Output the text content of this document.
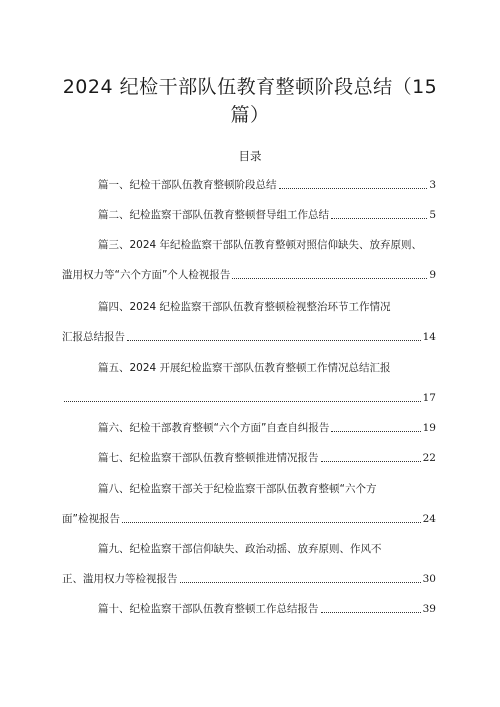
2024 纪检干部队伍教育整顿阶段总结（15
篇）
目录
篇一、纪检干部队伍教育整顿阶段总结	3
篇二、纪检监察干部队伍教育整顿督导组工作总结	5
篇三、2024 年纪检监察干部队伍教育整顿对照信仰缺失、放弃原则、
滥用权力等“六个方面”个人检视报告	9
篇四、2024 纪检监察干部队伍教育整顿检视整治环节工作情况
汇报总结报告	14
篇五、2024 开展纪检监察干部队伍教育整顿工作情况总结汇报
17
篇六、纪检干部教育整顿“六个方面”自查自纠报告	19
篇七、纪检监察干部队伍教育整顿推进情况报告	22
篇八、纪检监察干部关于纪检监察干部队伍教育整顿“六个方
面”检视报告	24
篇九、纪检监察干部信仰缺失、政治动摇、放弃原则、作风不
正、滥用权力等检视报告	30
篇十、纪检监察干部队伍教育整顿工作总结报告	39
